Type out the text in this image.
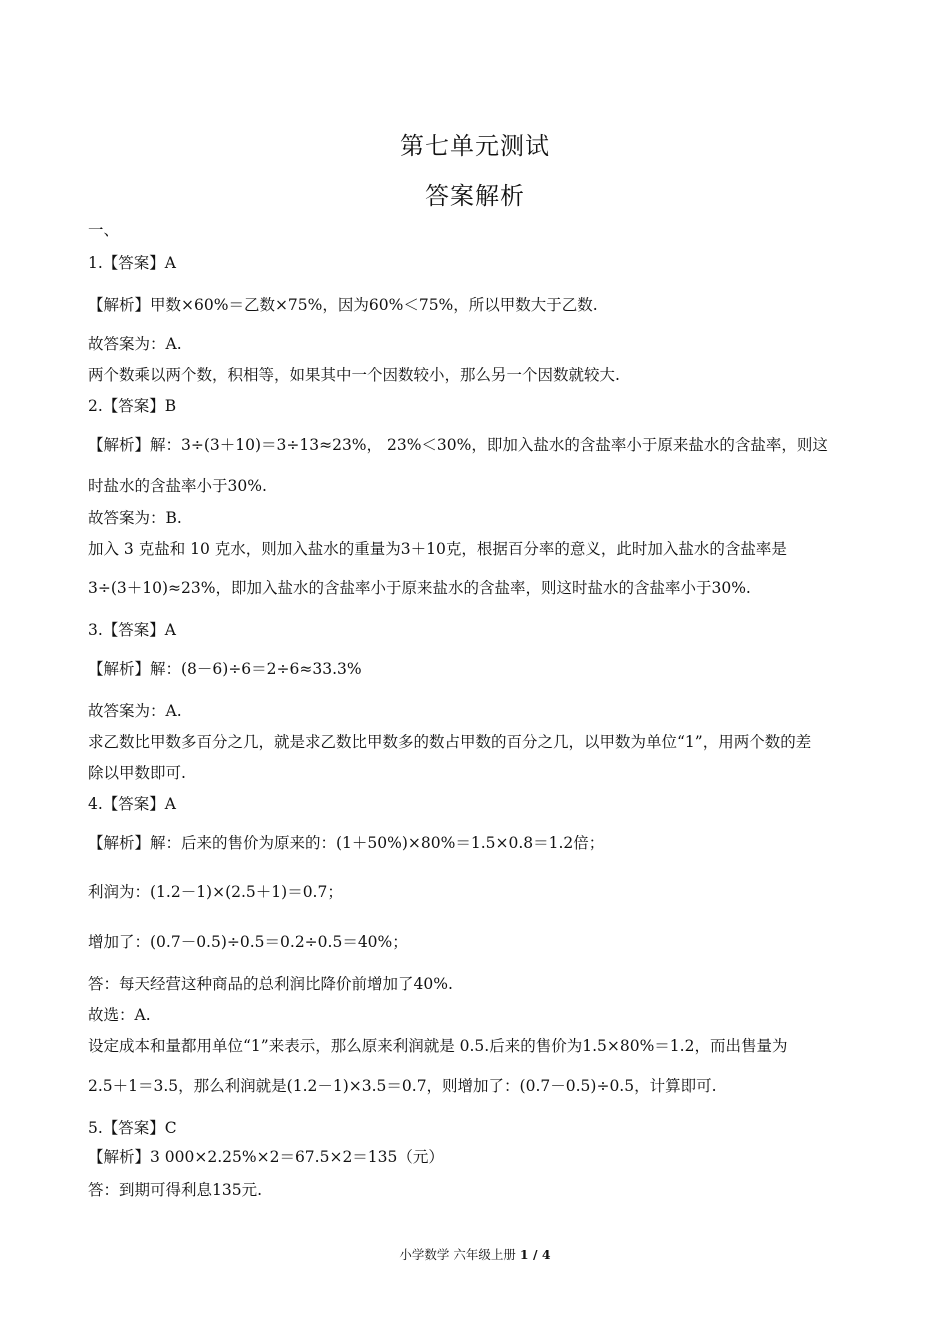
第七单元测试
答案解析
一、
1.【答案】A
【解析】甲数×60%＝乙数×75%，因为60%＜75%，所以甲数大于乙数.
故答案为：A.
两个数乘以两个数，积相等，如果其中一个因数较小，那么另一个因数就较大.
2.【答案】B
【解析】解：3÷(3＋10)＝3÷13≈23%， 23%＜30%，即加入盐水的含盐率小于原来盐水的含盐率，则这
时盐水的含盐率小于30%.
故答案为：B.
加入 3 克盐和 10 克水，则加入盐水的重量为3＋10克，根据百分率的意义，此时加入盐水的含盐率是
3÷(3＋10)≈23%，即加入盐水的含盐率小于原来盐水的含盐率，则这时盐水的含盐率小于30%.
3.【答案】A
【解析】解：(8－6)÷6＝2÷6≈33.3%
故答案为：A.
求乙数比甲数多百分之几，就是求乙数比甲数多的数占甲数的百分之几，以甲数为单位“1”，用两个数的差
除以甲数即可.
4.【答案】A
【解析】解：后来的售价为原来的：(1＋50%)×80%＝1.5×0.8＝1.2倍；
利润为：(1.2－1)×(2.5＋1)＝0.7；
增加了：(0.7－0.5)÷0.5＝0.2÷0.5＝40%；
答：每天经营这种商品的总利润比降价前增加了40%.
故选：A.
设定成本和量都用单位“1”来表示，那么原来利润就是 0.5.后来的售价为1.5×80%＝1.2，而出售量为
2.5＋1＝3.5，那么利润就是(1.2－1)×3.5＝0.7，则增加了：(0.7－0.5)÷0.5，计算即可.
5.【答案】C
【解析】3 000×2.25%×2＝67.5×2＝135（元）
答：到期可得利息135元.
小学数学 六年级上册 1 / 4
